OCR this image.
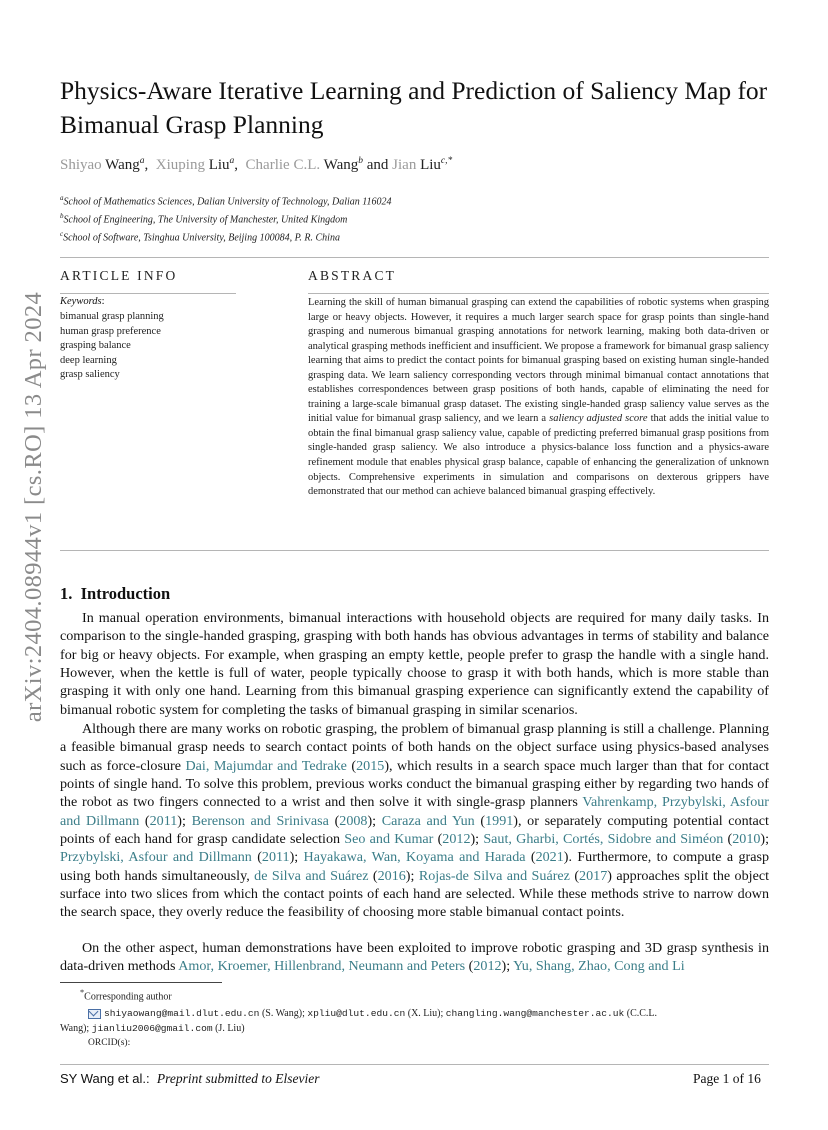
arXiv:2404.08944v1 [cs.RO] 13 Apr 2024
Physics-Aware Iterative Learning and Prediction of Saliency Map for Bimanual Grasp Planning
Shiyao Wang$^a$, Xiuping Liu$^a$, Charlie C.L. Wang$^b$ and Jian Liu$^{c,*}$
$^a$School of Mathematics Sciences, Dalian University of Technology, Dalian 116024
$^b$School of Engineering, The University of Manchester, United Kingdom
$^c$School of Software, Tsinghua University, Beijing 100084, P. R. China
ARTICLE INFO
Keywords:
bimanual grasp planning
human grasp preference
grasping balance
deep learning
grasp saliency
ABSTRACT
Learning the skill of human bimanual grasping can extend the capabilities of robotic systems when grasping large or heavy objects. However, it requires a much larger search space for grasp points than single-hand grasping and numerous bimanual grasping annotations for network learning, making both data-driven or analytical grasping methods inefficient and insufficient. We propose a framework for bimanual grasp saliency learning that aims to predict the contact points for bimanual grasping based on existing human single-handed grasping data. We learn saliency corresponding vectors through minimal bimanual contact annotations that establishes correspondences between grasp positions of both hands, capable of eliminating the need for training a large-scale bimanual grasp dataset. The existing single-handed grasp saliency value serves as the initial value for bimanual grasp saliency, and we learn a saliency adjusted score that adds the initial value to obtain the final bimanual grasp saliency value, capable of predicting preferred bimanual grasp positions from single-handed grasp saliency. We also introduce a physics-balance loss function and a physics-aware refinement module that enables physical grasp balance, capable of enhancing the generalization of unknown objects. Comprehensive experiments in simulation and comparisons on dexterous grippers have demonstrated that our method can achieve balanced bimanual grasping effectively.
1. Introduction
In manual operation environments, bimanual interactions with household objects are required for many daily tasks. In comparison to the single-handed grasping, grasping with both hands has obvious advantages in terms of stability and balance for big or heavy objects. For example, when grasping an empty kettle, people prefer to grasp the handle with a single hand. However, when the kettle is full of water, people typically choose to grasp it with both hands, which is more stable than grasping it with only one hand. Learning from this bimanual grasping experience can significantly extend the capability of bimanual robotic system for completing the tasks of bimanual grasping in similar scenarios.
Although there are many works on robotic grasping, the problem of bimanual grasp planning is still a challenge. Planning a feasible bimanual grasp needs to search contact points of both hands on the object surface using physics-based analyses such as force-closure Dai, Majumdar and Tedrake (2015), which results in a search space much larger than that for contact points of single hand. To solve this problem, previous works conduct the bimanual grasping either by regarding two hands of the robot as two fingers connected to a wrist and then solve it with single-grasp planners Vahrenkamp, Przybylski, Asfour and Dillmann (2011); Berenson and Srinivasa (2008); Caraza and Yun (1991), or separately computing potential contact points of each hand for grasp candidate selection Seo and Kumar (2012); Saut, Gharbi, Cortés, Sidobre and Siméon (2010); Przybylski, Asfour and Dillmann (2011); Hayakawa, Wan, Koyama and Harada (2021). Furthermore, to compute a grasp using both hands simultaneously, de Silva and Suárez (2016); Rojas-de Silva and Suárez (2017) approaches split the object surface into two slices from which the contact points of each hand are selected. While these methods strive to narrow down the search space, they overly reduce the feasibility of choosing more stable bimanual contact points.
On the other aspect, human demonstrations have been exploited to improve robotic grasping and 3D grasp synthesis in data-driven methods Amor, Kroemer, Hillenbrand, Neumann and Peters (2012); Yu, Shang, Zhao, Cong and Li
*Corresponding author
shiyaowang@mail.dlut.edu.cn (S. Wang); xpliu@dlut.edu.cn (X. Liu); changling.wang@manchester.ac.uk (C.C.L.
Wang); jianliu2006@gmail.com (J. Liu)
ORCID(s):
SY Wang et al.: Preprint submitted to Elsevier	Page 1 of 16
